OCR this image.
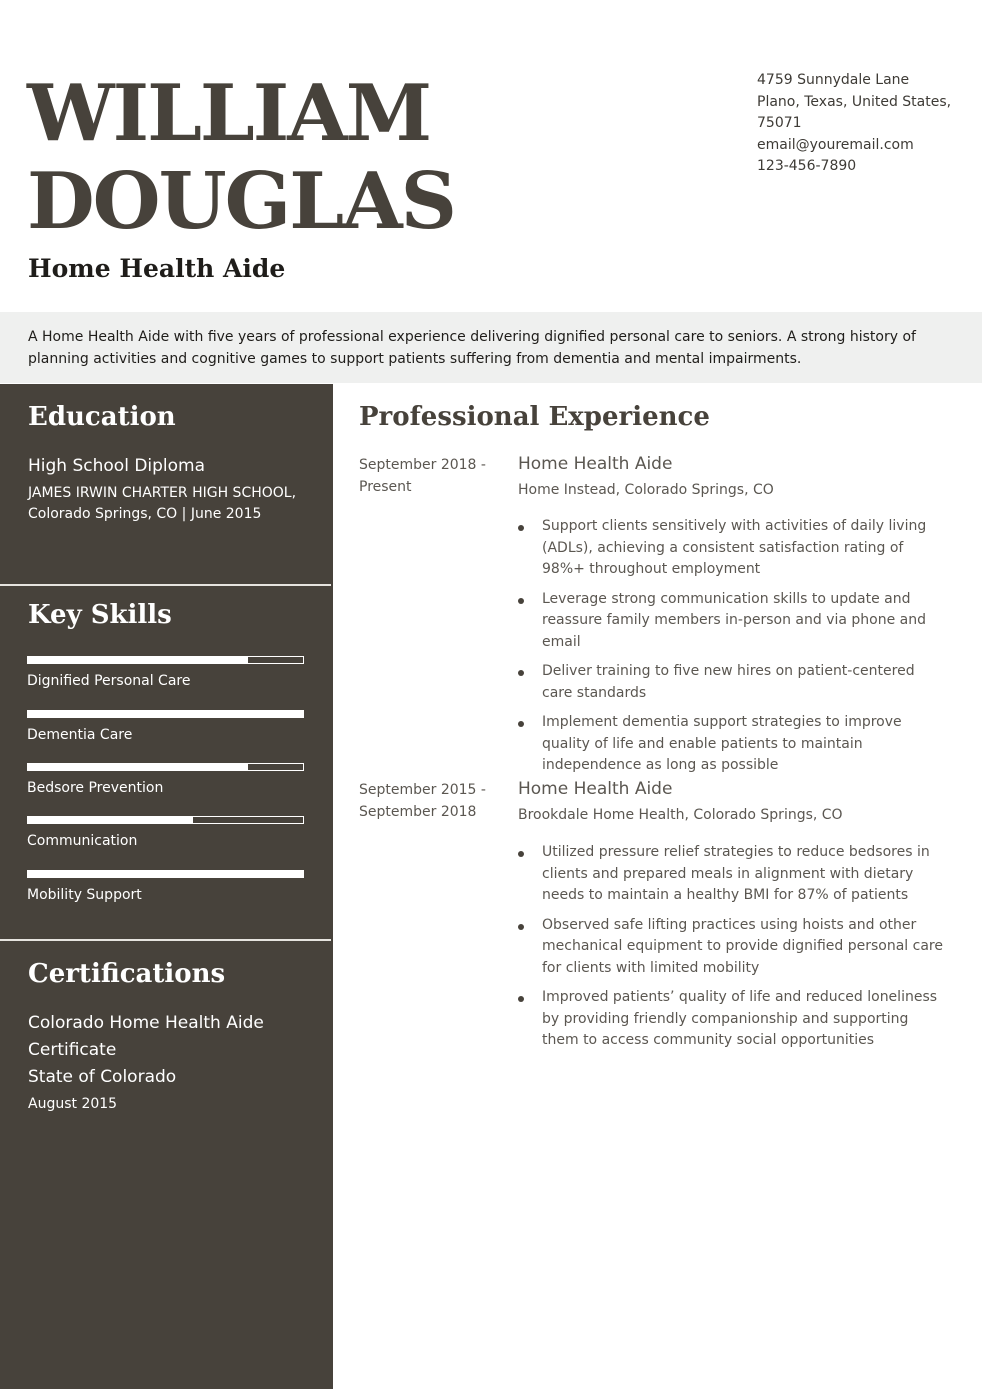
WILLIAM
DOUGLAS
Home Health Aide
4759 Sunnydale Lane
Plano, Texas, United States,
75071
email@youremail.com
123-456-7890
A Home Health Aide with five years of professional experience delivering dignified personal care to seniors. A strong history of planning activities and cognitive games to support patients suffering from dementia and mental impairments.
Education
High School Diploma
JAMES IRWIN CHARTER HIGH SCHOOL, Colorado Springs, CO | June 2015
Key Skills
Dignified Personal Care
Dementia Care
Bedsore Prevention
Communication
Mobility Support
Certifications
Colorado Home Health Aide
Certificate
State of Colorado
August 2015
Professional Experience
September 2018 -
Present
Home Health Aide
Home Instead, Colorado Springs, CO
Support clients sensitively with activities of daily living (ADLs), achieving a consistent satisfaction rating of 98%+ throughout employment
Leverage strong communication skills to update and reassure family members in-person and via phone and email
Deliver training to five new hires on patient-centered care standards
Implement dementia support strategies to improve quality of life and enable patients to maintain independence as long as possible
September 2015 -
September 2018
Home Health Aide
Brookdale Home Health, Colorado Springs, CO
Utilized pressure relief strategies to reduce bedsores in clients and prepared meals in alignment with dietary needs to maintain a healthy BMI for 87% of patients
Observed safe lifting practices using hoists and other mechanical equipment to provide dignified personal care for clients with limited mobility
Improved patients’ quality of life and reduced loneliness by providing friendly companionship and supporting them to access community social opportunities
